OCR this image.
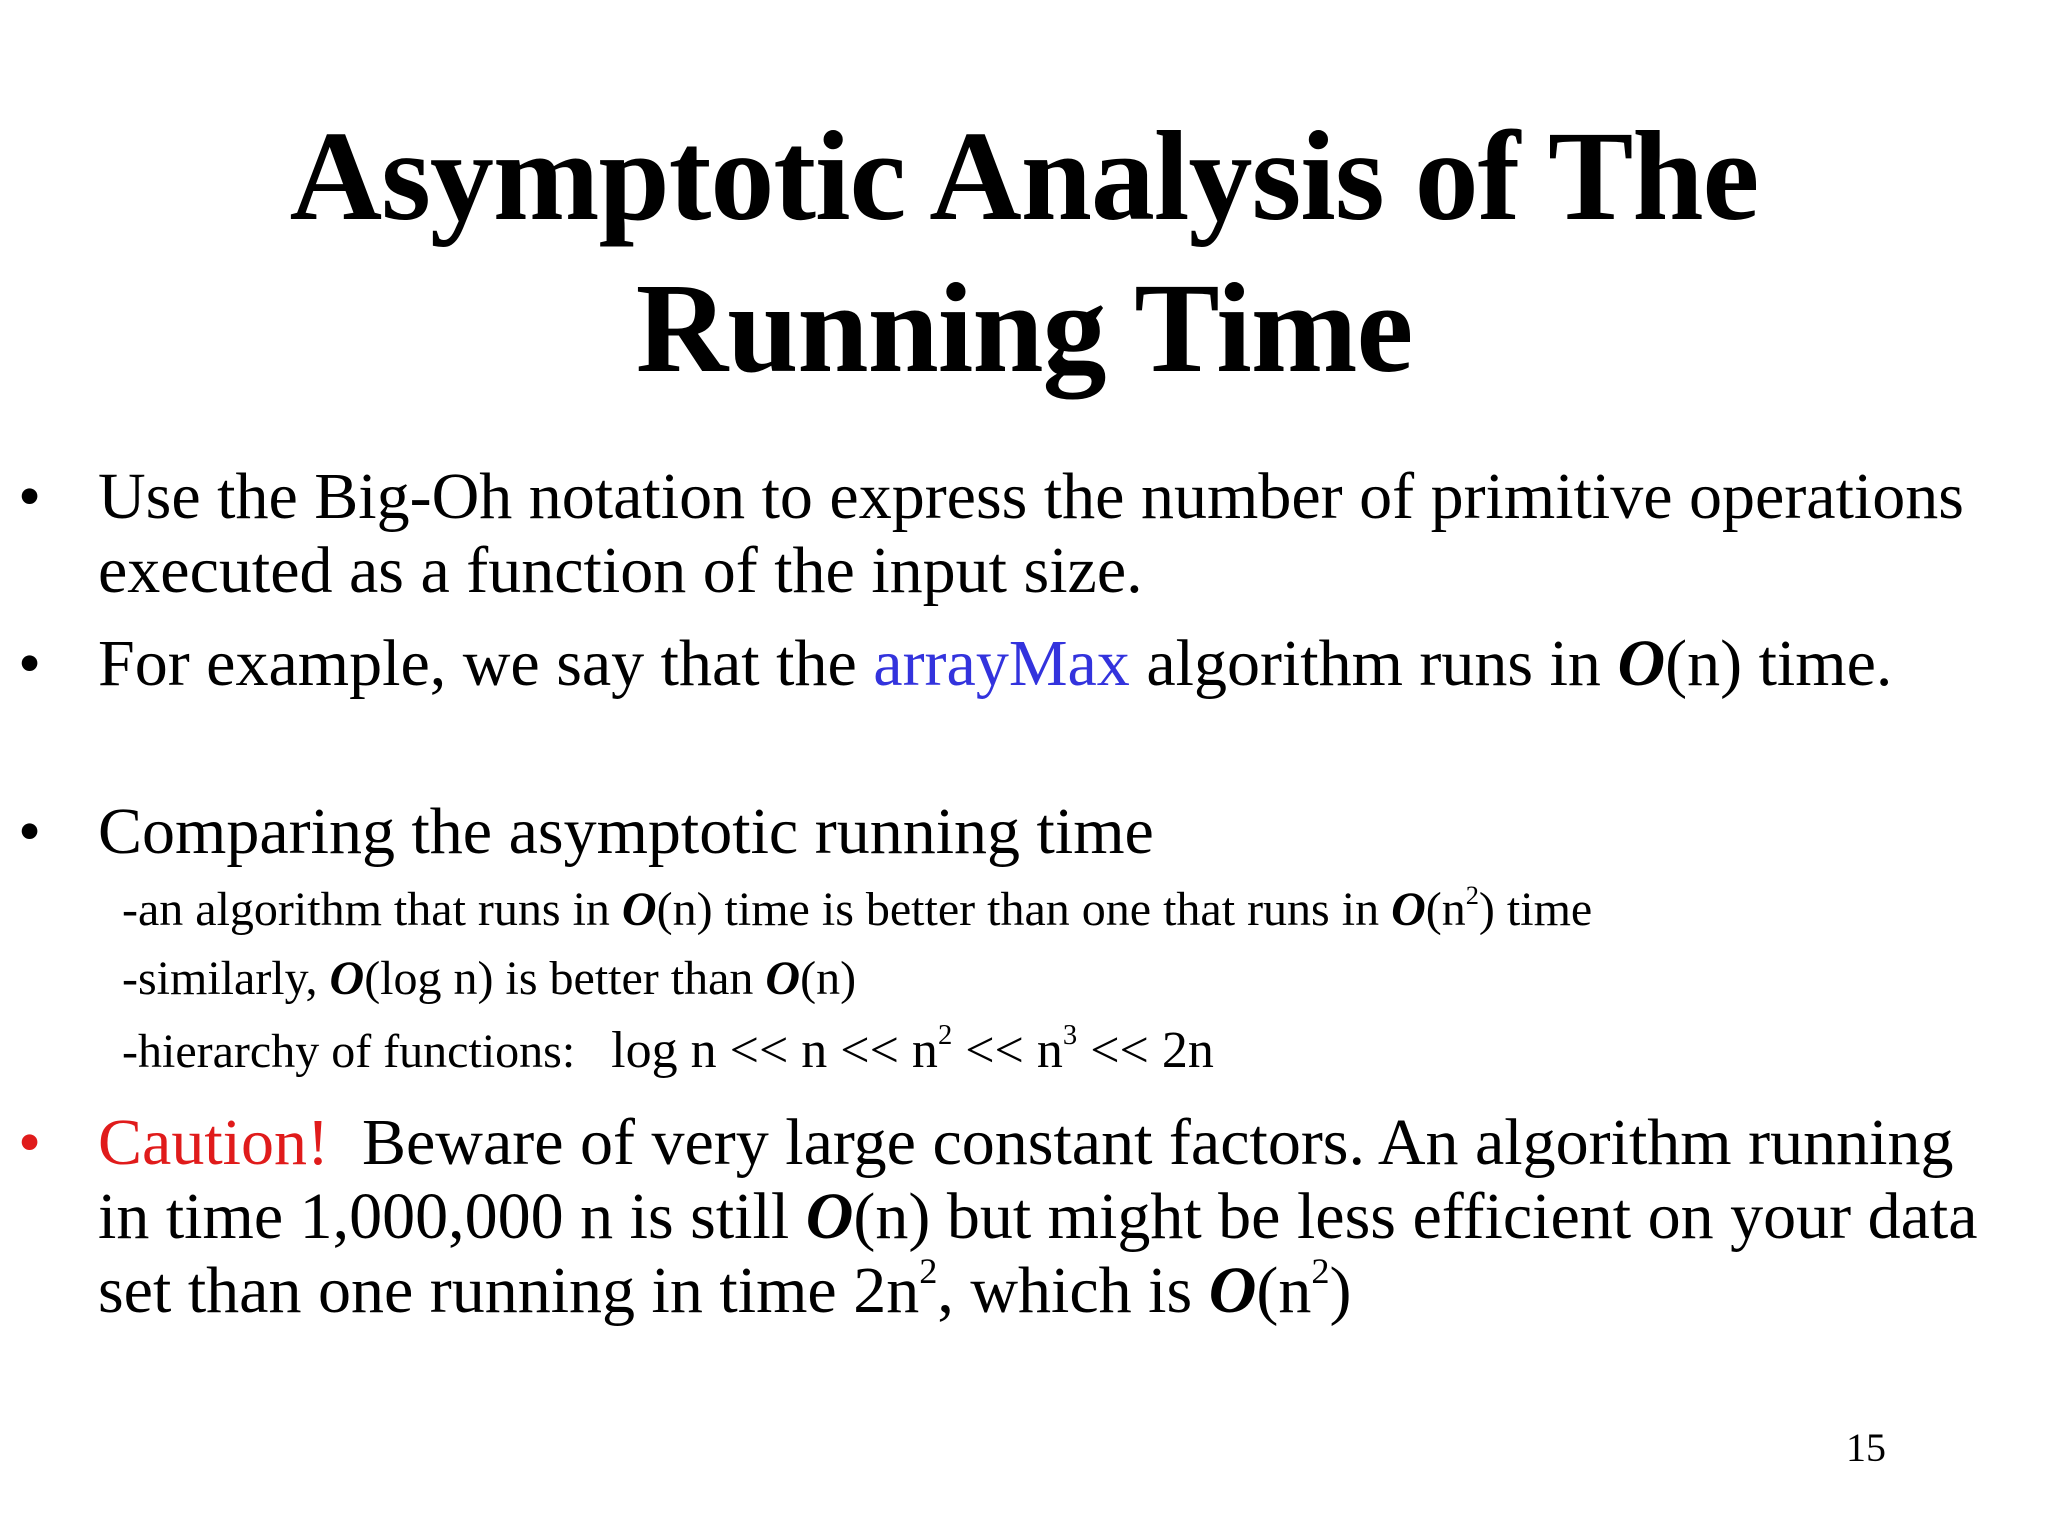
Asymptotic Analysis of The
Running Time
• Use the Big-Oh notation to express the number of primitive operations executed as a function of the input size.
• For example, we say that the arrayMax algorithm runs in O(n) time.
• Comparing the asymptotic running time
-an algorithm that runs in O(n) time is better than one that runs in $O(n^2)$ time
-similarly, O(log n) is better than O(n)
-hierarchy of functions:   $\log n << n << n^2 << n^3 << 2n$
• Caution!  Beware of very large constant factors. An algorithm running in time 1,000,000 n is still O(n) but might be less efficient on your data set than one running in time $2n^2$, which is $O(n^2)$
15
